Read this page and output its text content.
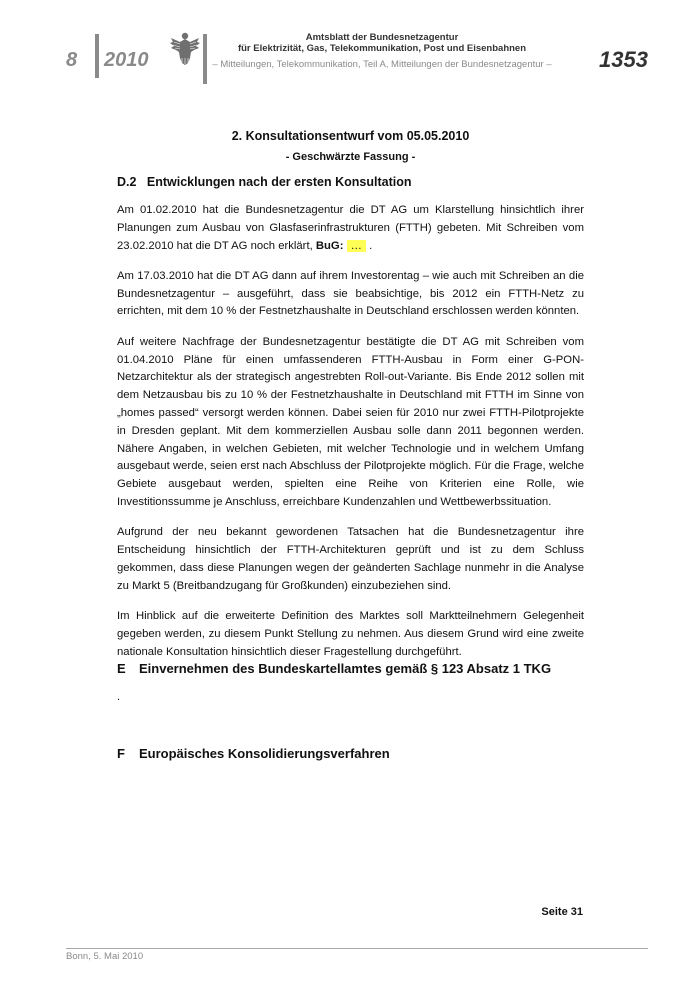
8 2010
Amtsblatt der Bundesnetzagentur
für Elektrizität, Gas, Telekommunikation, Post und Eisenbahnen
– Mitteilungen, Telekommunikation, Teil A, Mitteilungen der Bundesnetzagentur – 1353
2. Konsultationsentwurf vom 05.05.2010
- Geschwärzte Fassung -
D.2   Entwicklungen nach der ersten Konsultation

Am 01.02.2010 hat die Bundesnetzagentur die DT AG um Klarstellung hinsichtlich ihrer Planungen zum Ausbau von Glasfaserinfrastrukturen (FTTH) gebeten. Mit Schreiben vom 23.02.2010 hat die DT AG noch erklärt, BuG: … .

Am 17.03.2010 hat die DT AG dann auf ihrem Investorentag – wie auch mit Schreiben an die Bundesnetzagentur – ausgeführt, dass sie beabsichtige, bis 2012 ein FTTH-Netz zu errichten, mit dem 10 % der Festnetzhaushalte in Deutschland erschlossen werden könnten.

Auf weitere Nachfrage der Bundesnetzagentur bestätigte die DT AG mit Schreiben vom 01.04.2010 Pläne für einen umfassenderen FTTH-Ausbau in Form einer G-PON-Netzarchitektur als der strategisch angestrebten Roll-out-Variante. Bis Ende 2012 sollen mit dem Netzausbau bis zu 10 % der Festnetzhaushalte in Deutschland mit FTTH im Sinne von „homes passed“ versorgt werden können. Dabei seien für 2010 nur zwei FTTH-Pilotprojekte in Dresden geplant. Mit dem kommerziellen Ausbau solle dann 2011 begonnen werden. Nähere Angaben, in welchen Gebieten, mit welcher Technologie und in welchem Umfang ausgebaut werde, seien erst nach Abschluss der Pilotprojekte möglich. Für die Frage, welche Gebiete ausgebaut werden, spielten eine Reihe von Kriterien eine Rolle, wie Investitionssumme je Anschluss, erreichbare Kundenzahlen und Wettbewerbssituation.

Aufgrund der neu bekannt gewordenen Tatsachen hat die Bundesnetzagentur ihre Entscheidung hinsichtlich der FTTH-Architekturen geprüft und ist zu dem Schluss gekommen, dass diese Planungen wegen der geänderten Sachlage nunmehr in die Analyse zu Markt 5 (Breitbandzugang für Großkunden) einzubeziehen sind.

Im Hinblick auf die erweiterte Definition des Marktes soll Marktteilnehmern Gelegenheit gegeben werden, zu diesem Punkt Stellung zu nehmen. Aus diesem Grund wird eine zweite nationale Konsultation hinsichtlich dieser Fragestellung durchgeführt.

E Einvernehmen des Bundeskartellamtes gemäß § 123 Absatz 1 TKG
.
F Europäisches Konsolidierungsverfahren
Seite 31
Bonn, 5. Mai 2010
